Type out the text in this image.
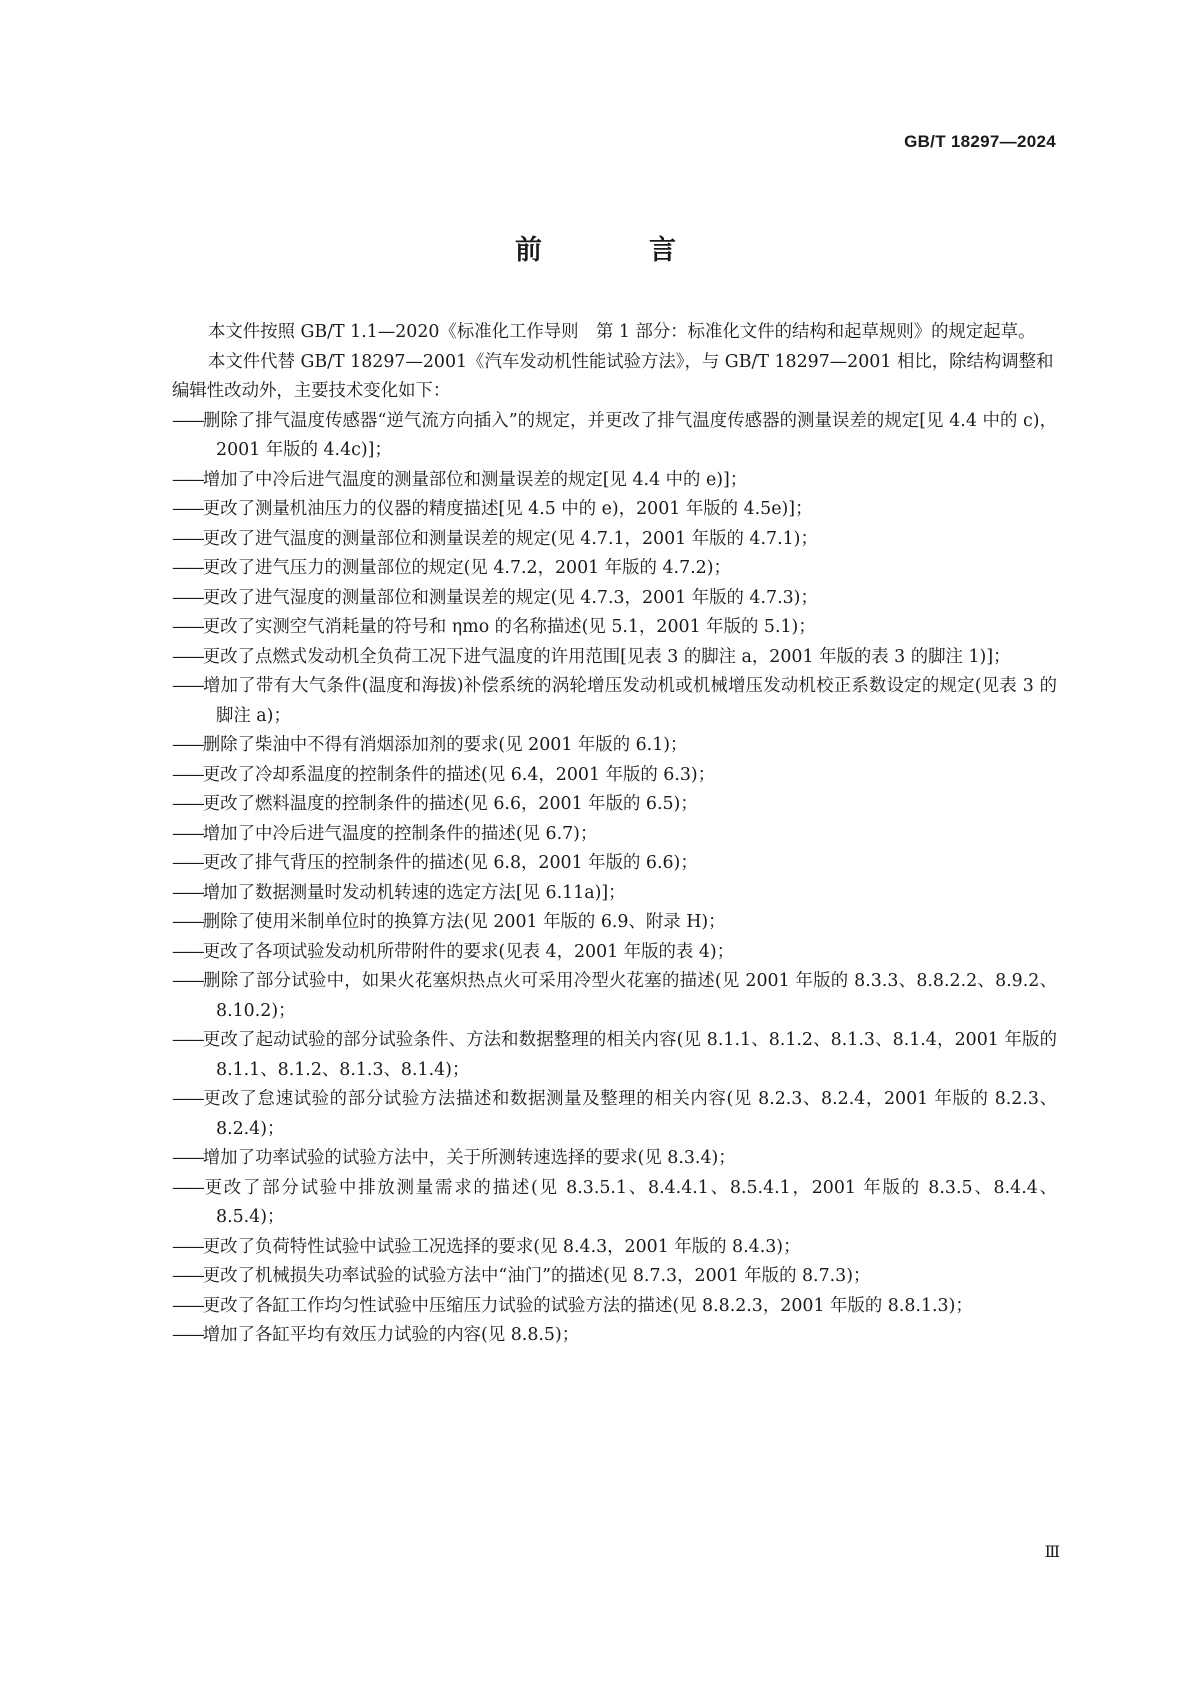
GB/T 18297—2024
前　言

本文件按照 GB/T 1.1—2020《标准化工作导则　第 1 部分：标准化文件的结构和起草规则》的规定起草。

本文件代替 GB/T 18297—2001《汽车发动机性能试验方法》，与 GB/T 18297—2001 相比，除结构调整和编辑性改动外，主要技术变化如下：

——删除了排气温度传感器“逆气流方向插入”的规定，并更改了排气温度传感器的测量误差的规定[见 4.4 中的 c)，2001 年版的 4.4c)]；

——增加了中冷后进气温度的测量部位和测量误差的规定[见 4.4 中的 e)]；

——更改了测量机油压力的仪器的精度描述[见 4.5 中的 e)，2001 年版的 4.5e)]；

——更改了进气温度的测量部位和测量误差的规定(见 4.7.1，2001 年版的 4.7.1)；

——更改了进气压力的测量部位的规定(见 4.7.2，2001 年版的 4.7.2)；

——更改了进气湿度的测量部位和测量误差的规定(见 4.7.3，2001 年版的 4.7.3)；

——更改了实测空气消耗量的符号和 ηmo 的名称描述(见 5.1，2001 年版的 5.1)；

——更改了点燃式发动机全负荷工况下进气温度的许用范围[见表 3 的脚注 a，2001 年版的表 3 的脚注 1)]；

——增加了带有大气条件(温度和海拔)补偿系统的涡轮增压发动机或机械增压发动机校正系数设定的规定(见表 3 的脚注 a)；

——删除了柴油中不得有消烟添加剂的要求(见 2001 年版的 6.1)；

——更改了冷却系温度的控制条件的描述(见 6.4，2001 年版的 6.3)；

——更改了燃料温度的控制条件的描述(见 6.6，2001 年版的 6.5)；

——增加了中冷后进气温度的控制条件的描述(见 6.7)；

——更改了排气背压的控制条件的描述(见 6.8，2001 年版的 6.6)；

——增加了数据测量时发动机转速的选定方法[见 6.11a)]；

——删除了使用米制单位时的换算方法(见 2001 年版的 6.9、附录 H)；

——更改了各项试验发动机所带附件的要求(见表 4，2001 年版的表 4)；

——删除了部分试验中，如果火花塞炽热点火可采用冷型火花塞的描述(见 2001 年版的 8.3.3、8.8.2.2、8.9.2、8.10.2)；

——更改了起动试验的部分试验条件、方法和数据整理的相关内容(见 8.1.1、8.1.2、8.1.3、8.1.4，2001 年版的 8.1.1、8.1.2、8.1.3、8.1.4)；

——更改了怠速试验的部分试验方法描述和数据测量及整理的相关内容(见 8.2.3、8.2.4，2001 年版的 8.2.3、8.2.4)；

——增加了功率试验的试验方法中，关于所测转速选择的要求(见 8.3.4)；

——更改了部分试验中排放测量需求的描述(见 8.3.5.1、8.4.4.1、8.5.4.1，2001 年版的 8.3.5、8.4.4、8.5.4)；

——更改了负荷特性试验中试验工况选择的要求(见 8.4.3，2001 年版的 8.4.3)；

——更改了机械损失功率试验的试验方法中“油门”的描述(见 8.7.3，2001 年版的 8.7.3)；

——更改了各缸工作均匀性试验中压缩压力试验的试验方法的描述(见 8.8.2.3，2001 年版的 8.8.1.3)；

——增加了各缸平均有效压力试验的内容(见 8.8.5)；

Ⅲ
